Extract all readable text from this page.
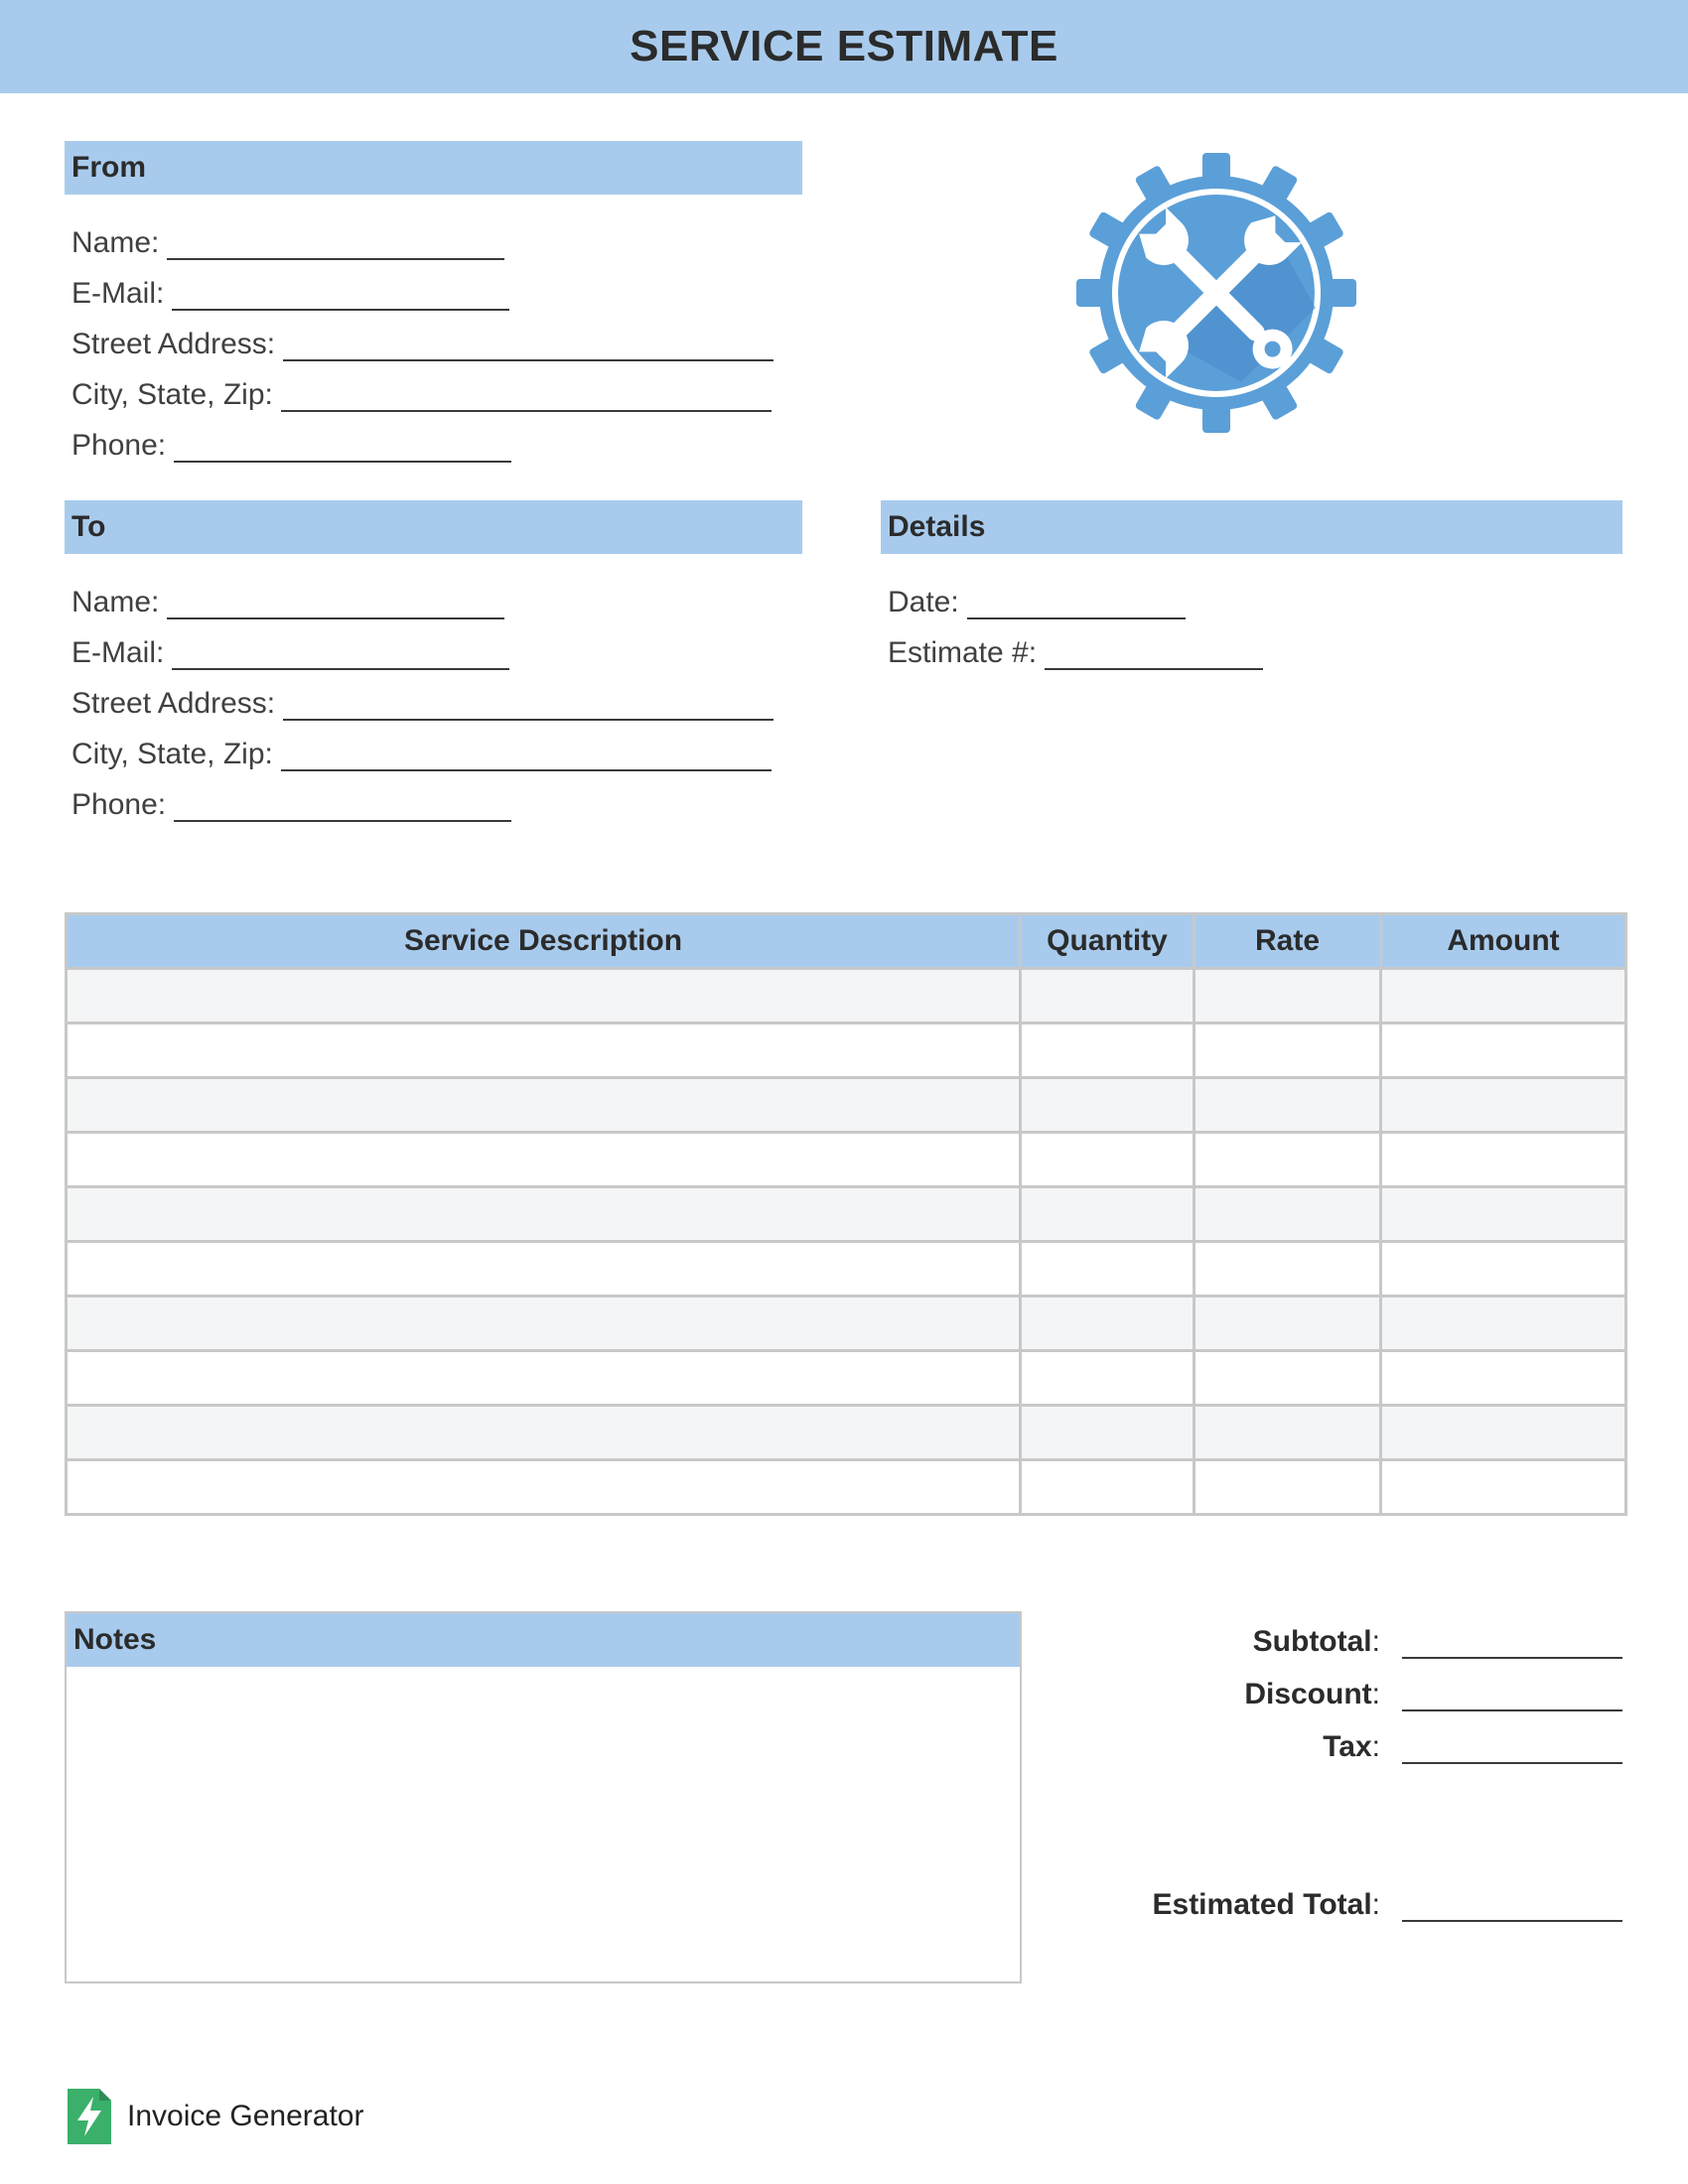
SERVICE ESTIMATE
From
Name:
E-Mail:
Street Address:
City, State, Zip:
Phone:
To
Name:
E-Mail:
Street Address:
City, State, Zip:
Phone:
Details
Date:
Estimate #:
Service Description	Quantity	Rate	Amount

Notes	Subtotal :
Discount :
Tax :
Estimated Total :
Invoice Generator
